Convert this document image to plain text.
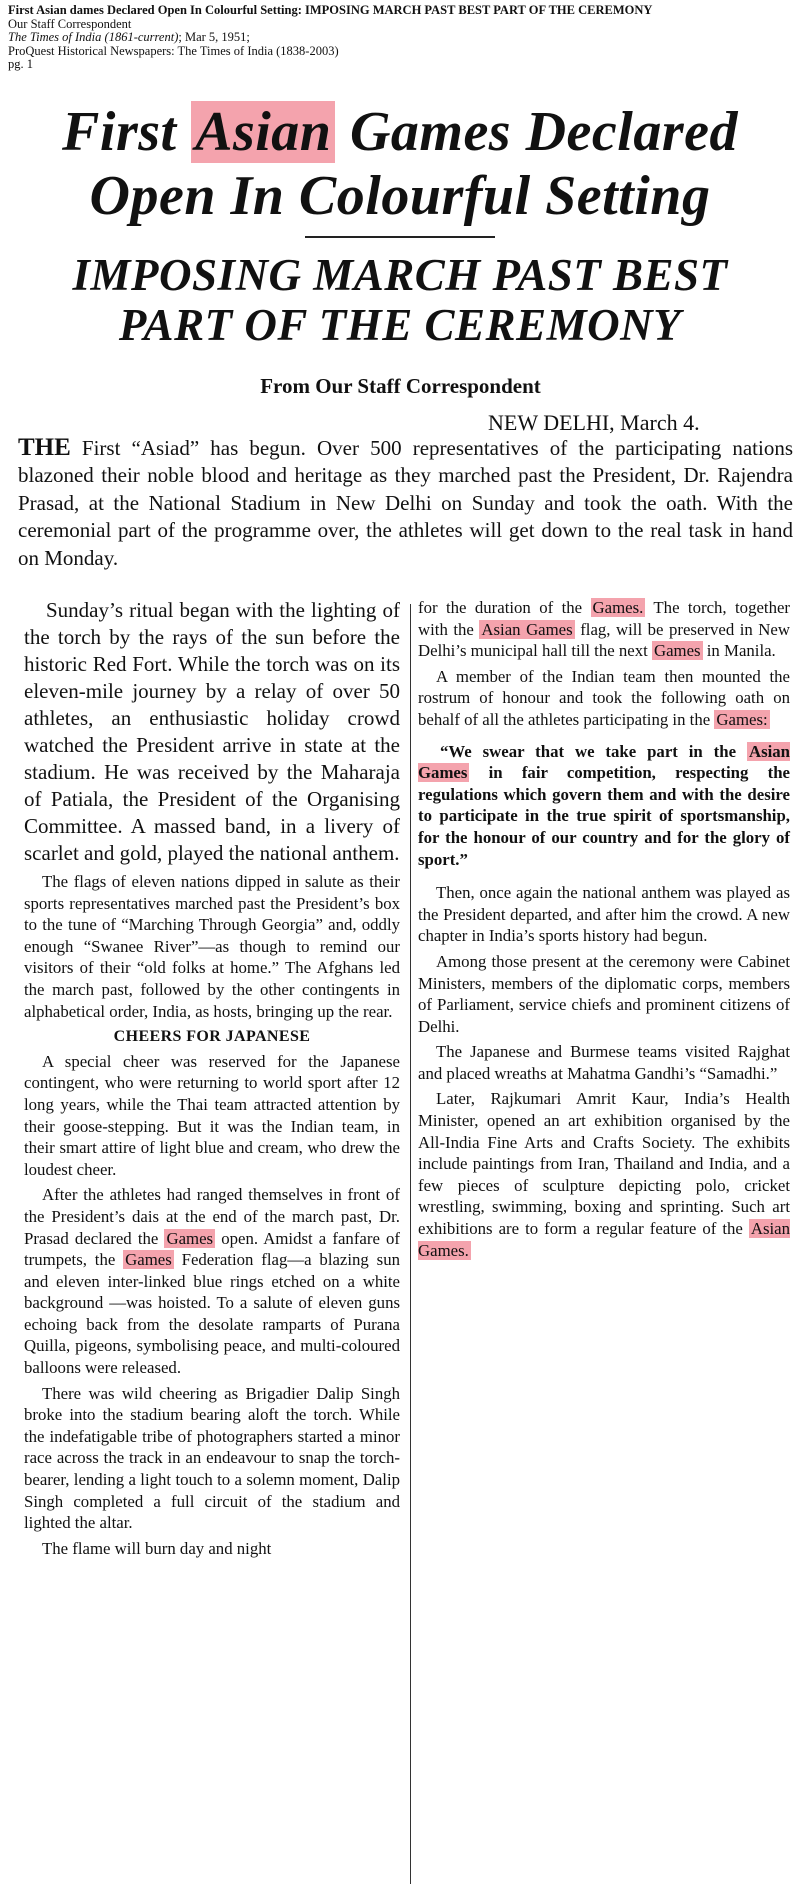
First Asian dames Declared Open In Colourful Setting: IMPOSING MARCH PAST BEST PART OF THE CEREMONY
Our Staff Correspondent
The Times of India (1861-current); Mar 5, 1951;
ProQuest Historical Newspapers: The Times of India (1838-2003)
pg. 1
First Asian Games Declared
Open In Colourful Setting
IMPOSING MARCH PAST BEST
PART OF THE CEREMONY
From Our Staff Correspondent
NEW DELHI, March 4.
THE First “Asiad” has begun. Over 500 representatives of the participating nations blazoned their noble blood and heritage as they marched past the President, Dr. Rajendra Prasad, at the National Stadium in New Delhi on Sunday and took the oath. With the ceremonial part of the programme over, the athletes will get down to the real task in hand on Monday.

Sunday’s ritual began with the lighting of the torch by the rays of the sun before the historic Red Fort. While the torch was on its eleven-mile journey by a relay of over 50 athletes, an enthusiastic holiday crowd watched the President arrive in state at the stadium. He was received by the Maharaja of Patiala, the President of the Organising Committee. A massed band, in a livery of scarlet and gold, played the national anthem.

The flags of eleven nations dipped in salute as their sports representatives marched past the President’s box to the tune of “Marching Through Georgia” and, oddly enough “Swanee River”—as though to remind our visitors of their “old folks at home.” The Afghans led the march past, followed by the other contingents in alphabetical order, India, as hosts, bringing up the rear.

CHEERS FOR JAPANESE

A special cheer was reserved for the Japanese contingent, who were returning to world sport after 12 long years, while the Thai team attracted attention by their goose-stepping. But it was the Indian team, in their smart attire of light blue and cream, who drew the loudest cheer.

After the athletes had ranged themselves in front of the President’s dais at the end of the march past, Dr. Prasad declared the Games open. Amidst a fanfare of trumpets, the Games Federation flag—a blazing sun and eleven inter-linked blue rings etched on a white background —was hoisted. To a salute of eleven guns echoing back from the desolate ramparts of Purana Quilla, pigeons, symbolising peace, and multi-coloured balloons were released.

There was wild cheering as Brigadier Dalip Singh broke into the stadium bearing aloft the torch. While the indefatigable tribe of photographers started a minor race across the track in an endeavour to snap the torch-bearer, lending a light touch to a solemn moment, Dalip Singh completed a full circuit of the stadium and lighted the altar.

The flame will burn day and night

for the duration of the Games. The torch, together with the Asian Games flag, will be preserved in New Delhi’s municipal hall till the next Games in Manila.

A member of the Indian team then mounted the rostrum of honour and took the following oath on behalf of all the athletes participating in the Games:

“We swear that we take part in the Asian Games in fair competition, respecting the regulations which govern them and with the desire to participate in the true spirit of sportsmanship, for the honour of our country and for the glory of sport.”

Then, once again the national anthem was played as the President departed, and after him the crowd. A new chapter in India’s sports history had begun.

Among those present at the ceremony were Cabinet Ministers, members of the diplomatic corps, members of Parliament, service chiefs and prominent citizens of Delhi.

The Japanese and Burmese teams visited Rajghat and placed wreaths at Mahatma Gandhi’s “Samadhi.”

Later, Rajkumari Amrit Kaur, India’s Health Minister, opened an art exhibition organised by the All-India Fine Arts and Crafts Society. The exhibits include paintings from Iran, Thailand and India, and a few pieces of sculpture depicting polo, cricket wrestling, swimming, boxing and sprinting. Such art exhibitions are to form a regular feature of the Asian Games.
